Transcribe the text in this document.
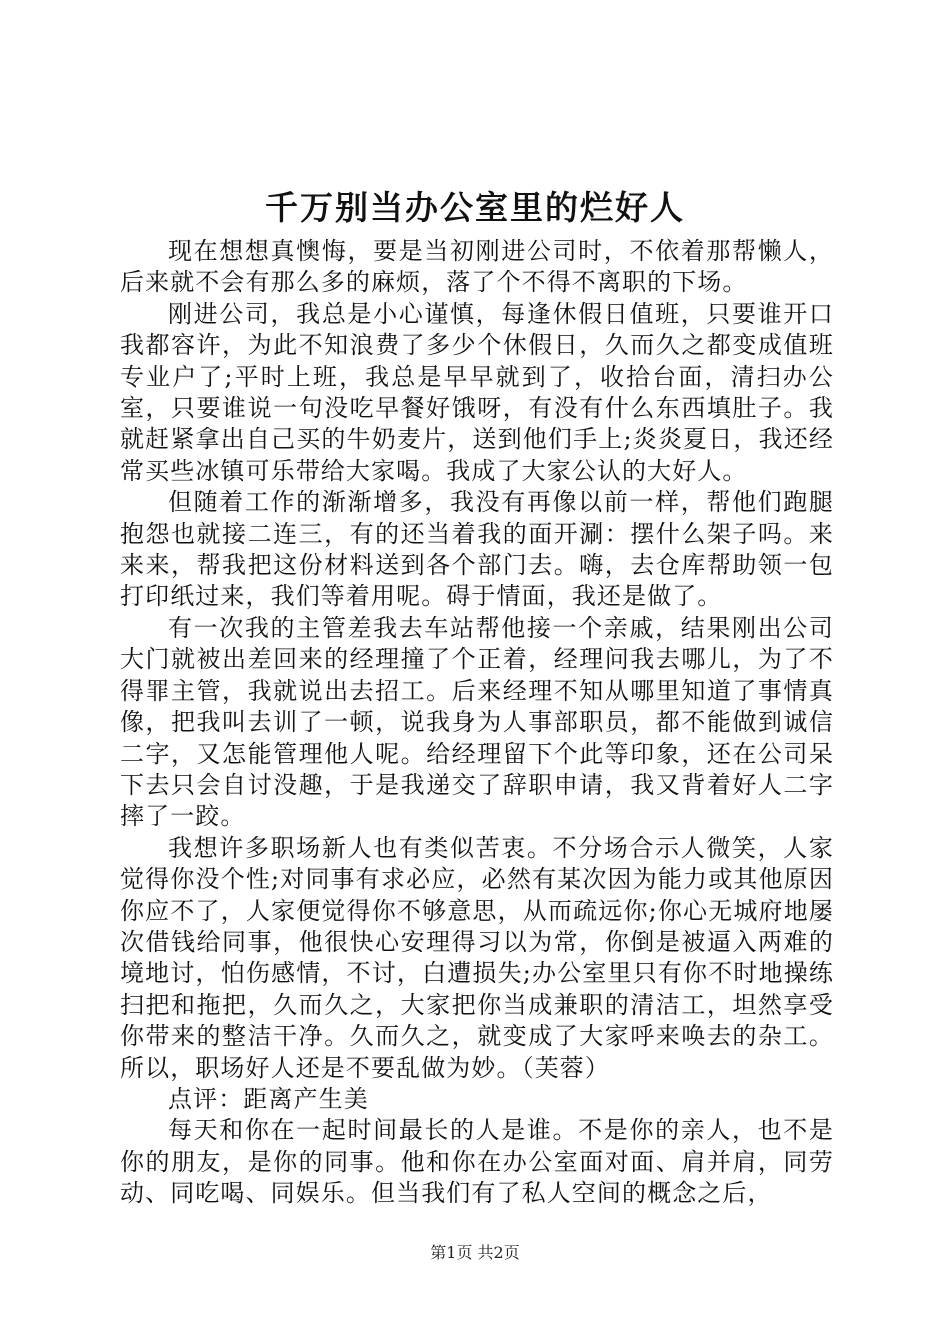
千万别当办公室里的烂好人

现在想想真懊悔，要是当初刚进公司时，不依着那帮懒人，后来就不会有那么多的麻烦，落了个不得不离职的下场。

刚进公司，我总是小心谨慎，每逢休假日值班，只要谁开口我都容许，为此不知浪费了多少个休假日，久而久之都变成值班专业户了;平时上班，我总是早早就到了，收拾台面，清扫办公室，只要谁说一句没吃早餐好饿呀，有没有什么东西填肚子。我就赶紧拿出自己买的牛奶麦片，送到他们手上;炎炎夏日，我还经常买些冰镇可乐带给大家喝。我成了大家公认的大好人。

但随着工作的渐渐增多，我没有再像以前一样，帮他们跑腿抱怨也就接二连三，有的还当着我的面开涮：摆什么架子吗。来来来，帮我把这份材料送到各个部门去。嗨，去仓库帮助领一包打印纸过来，我们等着用呢。碍于情面，我还是做了。

有一次我的主管差我去车站帮他接一个亲戚，结果刚出公司大门就被出差回来的经理撞了个正着，经理问我去哪儿，为了不得罪主管，我就说出去招工。后来经理不知从哪里知道了事情真像，把我叫去训了一顿，说我身为人事部职员，都不能做到诚信二字，又怎能管理他人呢。给经理留下个此等印象，还在公司呆下去只会自讨没趣，于是我递交了辞职申请，我又背着好人二字摔了一跤。

我想许多职场新人也有类似苦衷。不分场合示人微笑，人家觉得你没个性;对同事有求必应，必然有某次因为能力或其他原因你应不了，人家便觉得你不够意思，从而疏远你;你心无城府地屡次借钱给同事，他很快心安理得习以为常，你倒是被逼入两难的境地讨，怕伤感情，不讨，白遭损失;办公室里只有你不时地操练扫把和拖把，久而久之，大家把你当成兼职的清洁工，坦然享受你带来的整洁干净。久而久之，就变成了大家呼来唤去的杂工。所以，职场好人还是不要乱做为妙。（芙蓉）

点评：距离产生美

每天和你在一起时间最长的人是谁。不是你的亲人，也不是你的朋友，是你的同事。他和你在办公室面对面、肩并肩，同劳动、同吃喝、同娱乐。但当我们有了私人空间的概念之后，

第1页 共2页
